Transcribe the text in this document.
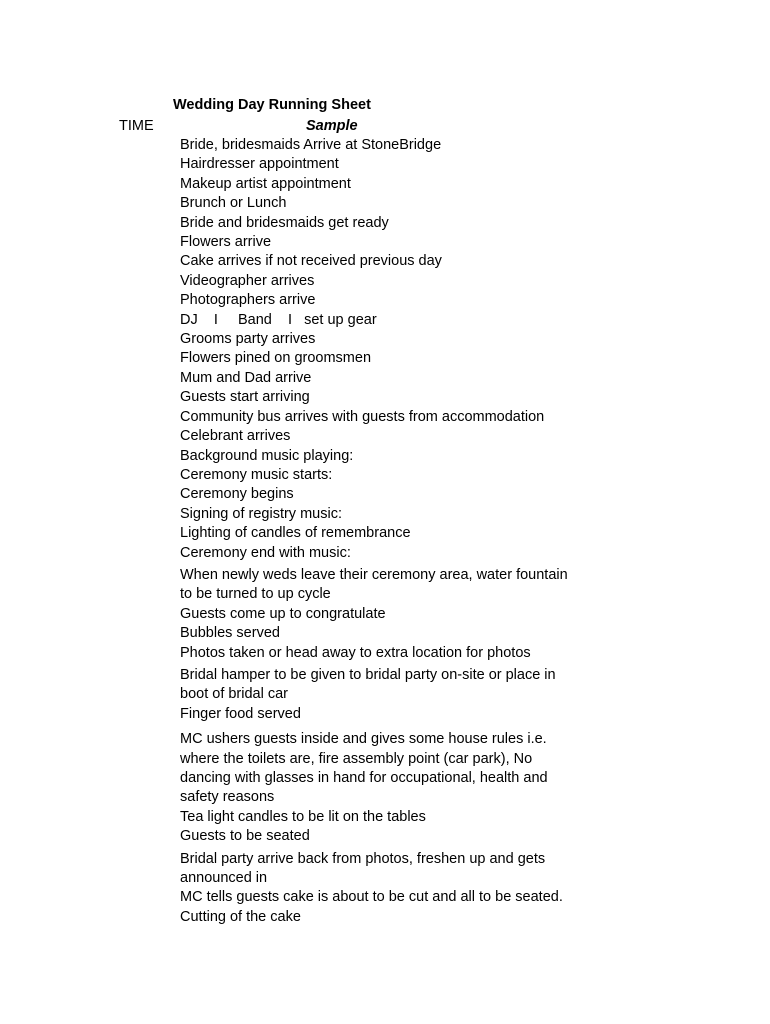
Wedding Day Running Sheet
TIME	Sample
Bride, bridesmaids Arrive at StoneBridge
Hairdresser appointment
Makeup artist appointment
Brunch or Lunch
Bride and bridesmaids get ready
Flowers arrive
Cake arrives if not received previous day
Videographer arrives
Photographers arrive
DJ    I     Band    I   set up gear
Grooms party arrives
Flowers pined on groomsmen
Mum and Dad arrive
Guests start arriving
Community bus arrives with guests from accommodation
Celebrant arrives
Background music playing:
Ceremony music starts:
Ceremony begins
Signing of registry music:
Lighting of candles of remembrance
Ceremony end with music:
When newly weds leave their ceremony area, water fountain to be turned to up cycle
Guests come up to congratulate
Bubbles served
Photos taken or head away to extra location for photos
Bridal hamper to be given to bridal party on-site or place in boot of bridal car
Finger food served
MC ushers guests inside and gives some house rules i.e. where the toilets are, fire assembly point (car park), No dancing with glasses in hand for occupational, health and safety reasons
Tea light candles to be lit on the tables
Guests to be seated
Bridal party arrive back from photos, freshen up and gets announced in
MC tells guests cake is about to be cut and all to be seated.
Cutting of the cake
